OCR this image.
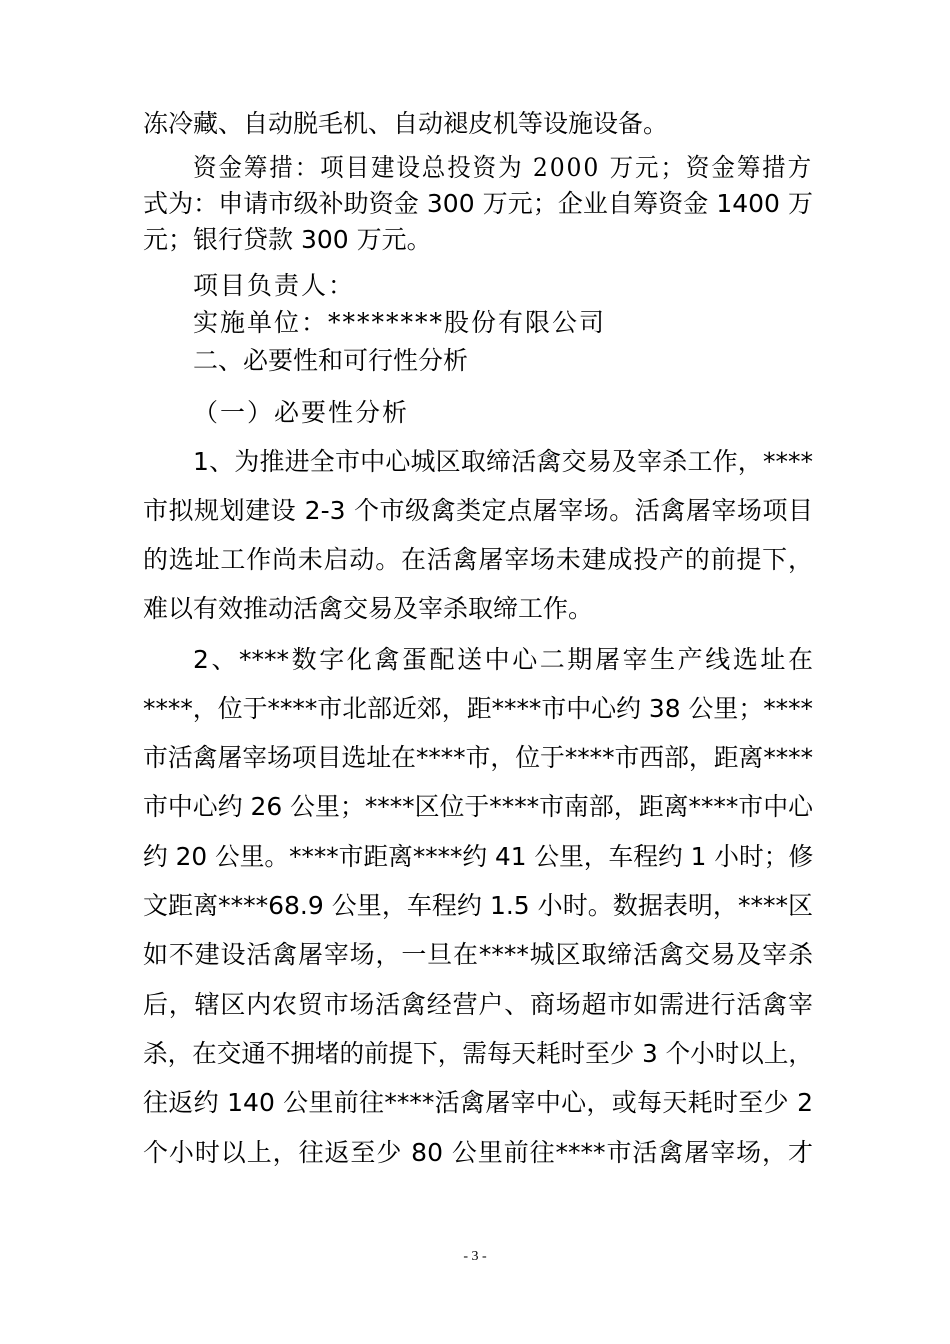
冻冷藏、自动脱毛机、自动褪皮机等设施设备。
资金筹措：项目建设总投资为 2000 万元；资金筹措方
式为：申请市级补助资金 300 万元；企业自筹资金 1400 万
元；银行贷款 300 万元。
项目负责人：
实施单位：********股份有限公司
二、必要性和可行性分析
（一）必要性分析
1、为推进全市中心城区取缔活禽交易及宰杀工作，****
市拟规划建设 2-3 个市级禽类定点屠宰场。活禽屠宰场项目
的选址工作尚未启动。在活禽屠宰场未建成投产的前提下，
难以有效推动活禽交易及宰杀取缔工作。
2、****数字化禽蛋配送中心二期屠宰生产线选址在
****，位于****市北部近郊，距****市中心约 38 公里；****
市活禽屠宰场项目选址在****市，位于****市西部，距离****
市中心约 26 公里；****区位于****市南部，距离****市中心
约 20 公里。****市距离****约 41 公里，车程约 1 小时；修
文距离****68.9 公里，车程约 1.5 小时。数据表明，****区
如不建设活禽屠宰场，一旦在****城区取缔活禽交易及宰杀
后，辖区内农贸市场活禽经营户、商场超市如需进行活禽宰
杀，在交通不拥堵的前提下，需每天耗时至少 3 个小时以上，
往返约 140 公里前往****活禽屠宰中心，或每天耗时至少 2
个小时以上，往返至少 80 公里前往****市活禽屠宰场，才
- 3 -
